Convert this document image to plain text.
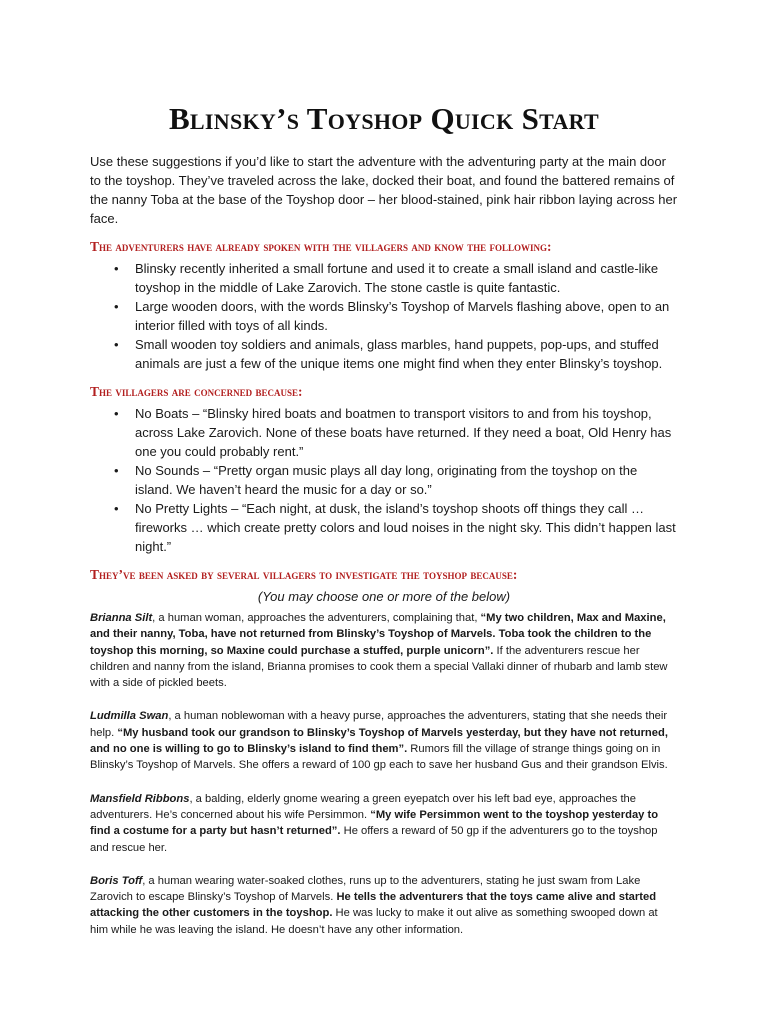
Blinsky’s Toyshop Quick Start

Use these suggestions if you’d like to start the adventure with the adventuring party at the main door to the toyshop. They’ve traveled across the lake, docked their boat, and found the battered remains of the nanny Toba at the base of the Toyshop door – her blood-stained, pink hair ribbon laying across her face.

The adventurers have already spoken with the villagers and know the following:
• Blinsky recently inherited a small fortune and used it to create a small island and castle-like toyshop in the middle of Lake Zarovich. The stone castle is quite fantastic.
• Large wooden doors, with the words Blinsky’s Toyshop of Marvels flashing above, open to an interior filled with toys of all kinds.
• Small wooden toy soldiers and animals, glass marbles, hand puppets, pop-ups, and stuffed animals are just a few of the unique items one might find when they enter Blinsky’s toyshop.
The villagers are concerned because:
• No Boats – “Blinsky hired boats and boatmen to transport visitors to and from his toyshop, across Lake Zarovich. None of these boats have returned. If they need a boat, Old Henry has one you could probably rent.”
• No Sounds – “Pretty organ music plays all day long, originating from the toyshop on the island. We haven’t heard the music for a day or so.”
• No Pretty Lights – “Each night, at dusk, the island’s toyshop shoots off things they call … fireworks … which create pretty colors and loud noises in the night sky. This didn’t happen last night.”
They’ve been asked by several villagers to investigate the toyshop because:

(You may choose one or more of the below)

Brianna Silt, a human woman, approaches the adventurers, complaining that, “My two children, Max and Maxine, and their nanny, Toba, have not returned from Blinsky’s Toyshop of Marvels. Toba took the children to the toyshop this morning, so Maxine could purchase a stuffed, purple unicorn”. If the adventurers rescue her children and nanny from the island, Brianna promises to cook them a special Vallaki dinner of rhubarb and lamb stew with a side of pickled beets.

Ludmilla Swan, a human noblewoman with a heavy purse, approaches the adventurers, stating that she needs their help. “My husband took our grandson to Blinsky’s Toyshop of Marvels yesterday, but they have not returned, and no one is willing to go to Blinsky’s island to find them”. Rumors fill the village of strange things going on in Blinsky’s Toyshop of Marvels. She offers a reward of 100 gp each to save her husband Gus and their grandson Elvis.

Mansfield Ribbons, a balding, elderly gnome wearing a green eyepatch over his left bad eye, approaches the adventurers. He’s concerned about his wife Persimmon. “My wife Persimmon went to the toyshop yesterday to find a costume for a party but hasn’t returned”. He offers a reward of 50 gp if the adventurers go to the toyshop and rescue her.

Boris Toff, a human wearing water-soaked clothes, runs up to the adventurers, stating he just swam from Lake Zarovich to escape Blinsky’s Toyshop of Marvels. He tells the adventurers that the toys came alive and started attacking the other customers in the toyshop. He was lucky to make it out alive as something swooped down at him while he was leaving the island. He doesn’t have any other information.
